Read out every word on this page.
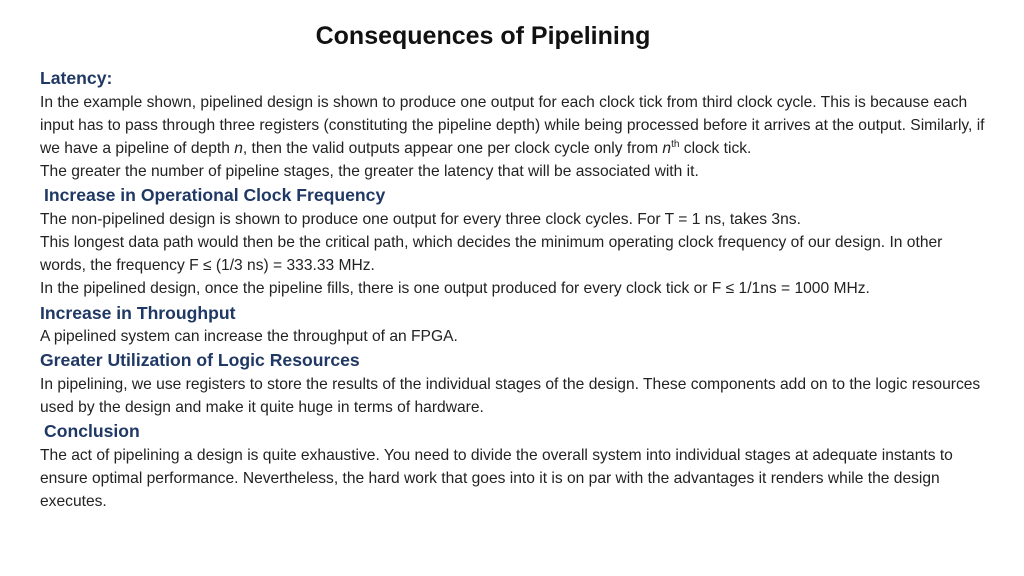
Consequences of Pipelining
Latency:

In the example shown, pipelined design is shown to produce one output for each clock tick from third clock cycle. This is because each input has to pass through three registers (constituting the pipeline depth) while being processed before it arrives at the output. Similarly, if we have a pipeline of depth n, then the valid outputs appear one per clock cycle only from $n^{th}$ clock tick.

The greater the number of pipeline stages, the greater the latency that will be associated with it.

Increase in Operational Clock Frequency

The non-pipelined design is shown to produce one output for every three clock cycles. For T = 1 ns, takes 3ns.

This longest data path would then be the critical path, which decides the minimum operating clock frequency of our design. In other words, the frequency F ≤ (1/3 ns) = 333.33 MHz.

In the pipelined design, once the pipeline fills, there is one output produced for every clock tick or F ≤ 1/1ns = 1000 MHz.

Increase in Throughput

A pipelined system can increase the throughput of an FPGA.

Greater Utilization of Logic Resources

In pipelining, we use registers to store the results of the individual stages of the design. These components add on to the logic resources used by the design and make it quite huge in terms of hardware.

Conclusion

The act of pipelining a design is quite exhaustive. You need to divide the overall system into individual stages at adequate instants to ensure optimal performance. Nevertheless, the hard work that goes into it is on par with the advantages it renders while the design executes.
